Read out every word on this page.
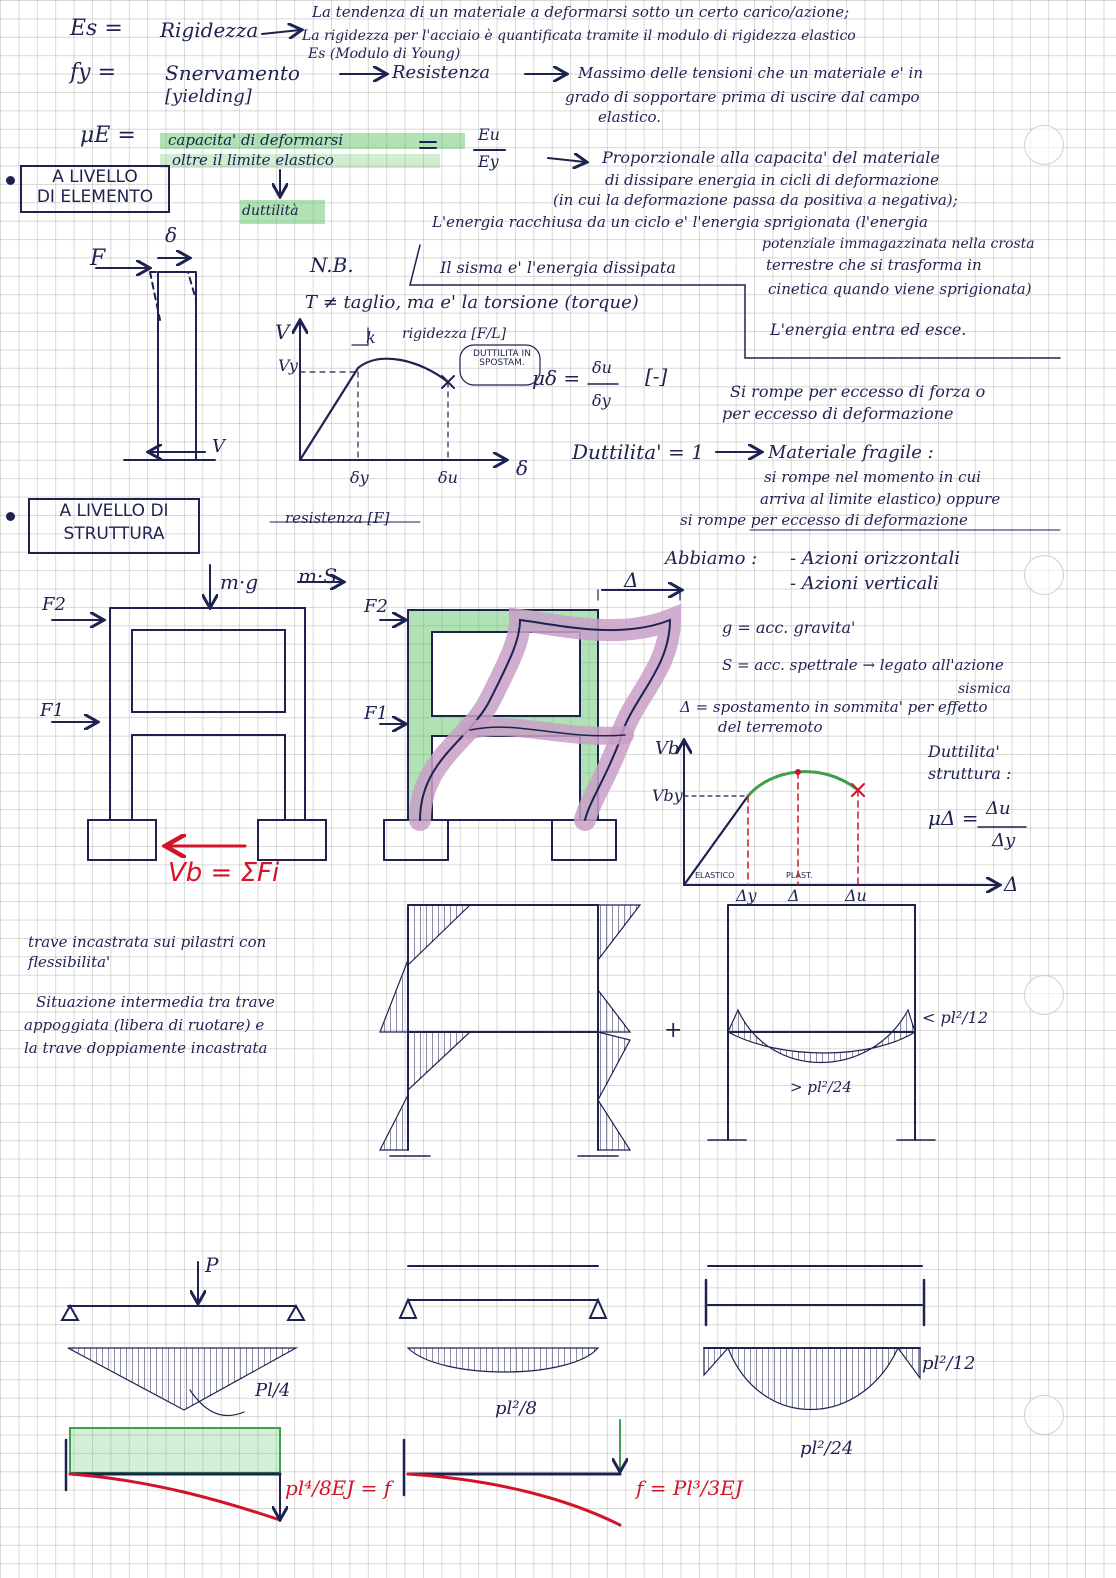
Es = Rigidezza
La tendenza di un materiale a deformarsi sotto un certo carico/azione;
La rigidezza per l'acciaio è quantificata tramite il modulo di rigidezza elastico
Es (Modulo di Young)
fy = Snervamento
[yielding]
Resistenza	Massimo delle tensioni che un materiale e' in
grado di sopportare prima di uscire dal campo
elastico.
μE = capacita' di deformarsi
oltre il limite elastico
Eu
Ey
duttilità
Proporzionale alla capacita' del materiale
di dissipare energia in cicli di deformazione
(in cui la deformazione passa da positiva a negativa);
L'energia racchiusa da un ciclo e' l'energia sprigionata (l'energia
potenziale immagazzinata nella crosta
terrestre che si trasforma in
cinetica quando viene sprigionata)
L'energia entra ed esce.
N.B.	Il sisma e' l'energia dissipata
T ≠ taglio, ma e' la torsione (torque)
A LIVELLO
DI ELEMENTO
F
δ
V
V
Vy
k rigidezza [F/L]
DUTTILITA IN SPOSTAM.
μδ = δu
δy
[-]
δy	δu	δ
resistenza [F]
Si rompe per eccesso di forza o
per eccesso di deformazione
Duttilita' = 1	Materiale fragile :
si rompe nel momento in cui
arriva al limite elastico) oppure
si rompe per eccesso di deformazione
A LIVELLO DI
STRUTTURA
m·g m·S
F2
F1
Vb = ΣFi
F2
F1
Δ
Abbiamo : - Azioni orizzontali
- Azioni verticali
g = acc. gravita'
S = acc. spettrale → legato all'azione
sismica
Δ = spostamento in sommita' per effetto
del terremoto
Vb
Vby
ELASTICO	PLAST.
Δy Δ	Δu	Δ
Duttilita'
struttura :
μΔ = Δu
Δy
trave incastrata sui pilastri con
flessibilita'
Situazione intermedia tra trave
appoggiata (libera di ruotare) e
la trave doppiamente incastrata
+
< pl²/12
> pl²/24
P
Pl/4
pl²/8
pl²/12
pl²/24
pl⁴/8EJ = f	f = Pl³/3EJ
